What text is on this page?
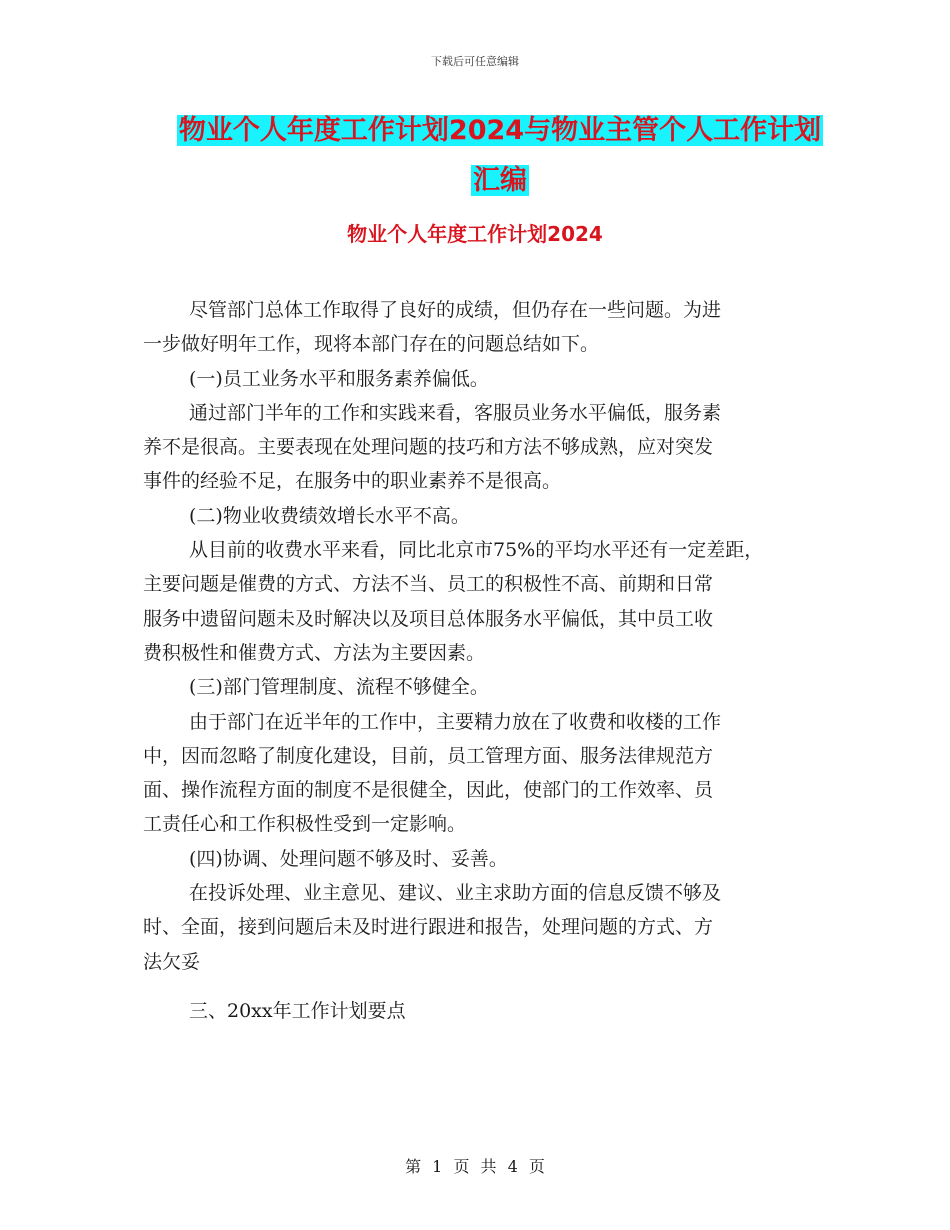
下载后可任意编辑
物业个人年度工作计划2024与物业主管个人工作计划
汇编
物业个人年度工作计划2024
尽管部门总体工作取得了良好的成绩，但仍存在一些问题。为进
一步做好明年工作，现将本部门存在的问题总结如下。
(一)员工业务水平和服务素养偏低。
通过部门半年的工作和实践来看，客服员业务水平偏低，服务素
养不是很高。主要表现在处理问题的技巧和方法不够成熟，应对突发
事件的经验不足，在服务中的职业素养不是很高。
(二)物业收费绩效增长水平不高。
从目前的收费水平来看，同比北京市75%的平均水平还有一定差距，
主要问题是催费的方式、方法不当、员工的积极性不高、前期和日常
服务中遗留问题未及时解决以及项目总体服务水平偏低，其中员工收
费积极性和催费方式、方法为主要因素。
(三)部门管理制度、流程不够健全。
由于部门在近半年的工作中，主要精力放在了收费和收楼的工作
中，因而忽略了制度化建设，目前，员工管理方面、服务法律规范方
面、操作流程方面的制度不是很健全，因此，使部门的工作效率、员
工责任心和工作积极性受到一定影响。
(四)协调、处理问题不够及时、妥善。
在投诉处理、业主意见、建议、业主求助方面的信息反馈不够及
时、全面，接到问题后未及时进行跟进和报告，处理问题的方式、方
法欠妥
三、20xx年工作计划要点
第 1 页 共 4 页
